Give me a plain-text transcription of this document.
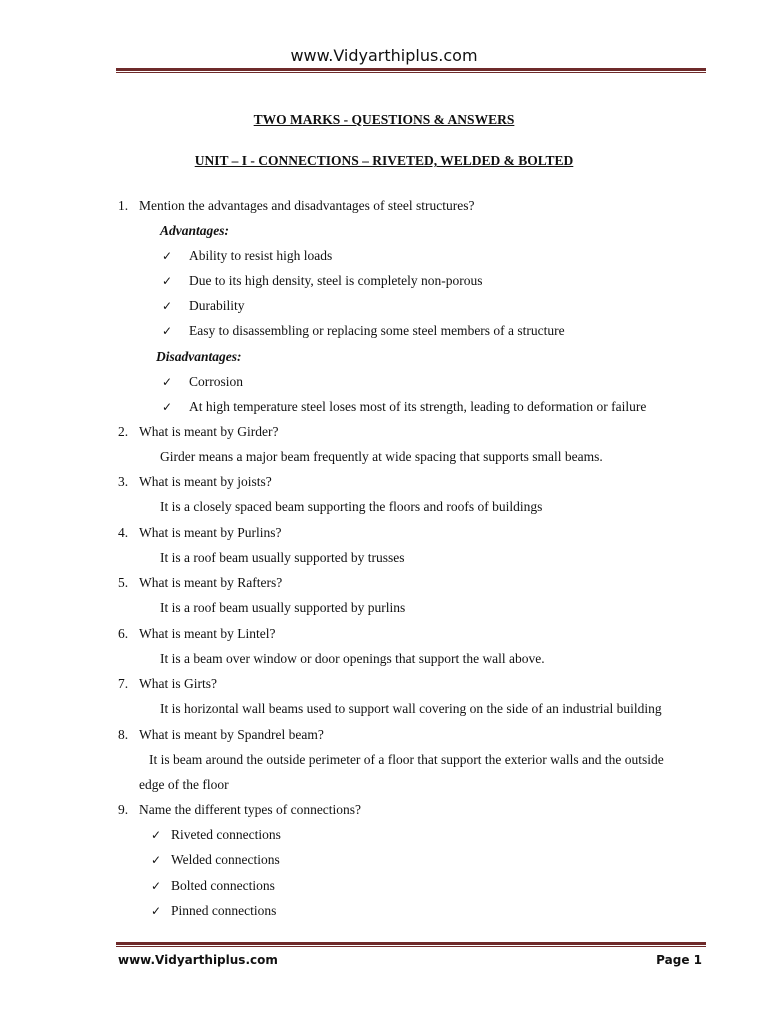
www.Vidyarthiplus.com
TWO MARKS - QUESTIONS & ANSWERS
UNIT – I - CONNECTIONS – RIVETED, WELDED & BOLTED
1. Mention the advantages and disadvantages of steel structures?
Advantages:
✓ Ability to resist high loads
✓ Due to its high density, steel is completely non-porous
✓ Durability
✓ Easy to disassembling or replacing some steel members of a structure
Disadvantages:
✓ Corrosion
✓ At high temperature steel loses most of its strength, leading to deformation or failure
2. What is meant by Girder?
Girder means a major beam frequently at wide spacing that supports small beams.
3. What is meant by joists?
It is a closely spaced beam supporting the floors and roofs of buildings
4. What is meant by Purlins?
It is a roof beam usually supported by trusses
5. What is meant by Rafters?
It is a roof beam usually supported by purlins
6. What is meant by Lintel?
It is a beam over window or door openings that support the wall above.
7. What is Girts?
It is horizontal wall beams used to support wall covering on the side of an industrial building
8. What is meant by Spandrel beam?
It is beam around the outside perimeter of a floor that support the exterior walls and the outside
edge of the floor
9. Name the different types of connections?
✓ Riveted connections
✓ Welded connections
✓ Bolted connections
✓ Pinned connections
www.Vidyarthiplus.com	Page 1
